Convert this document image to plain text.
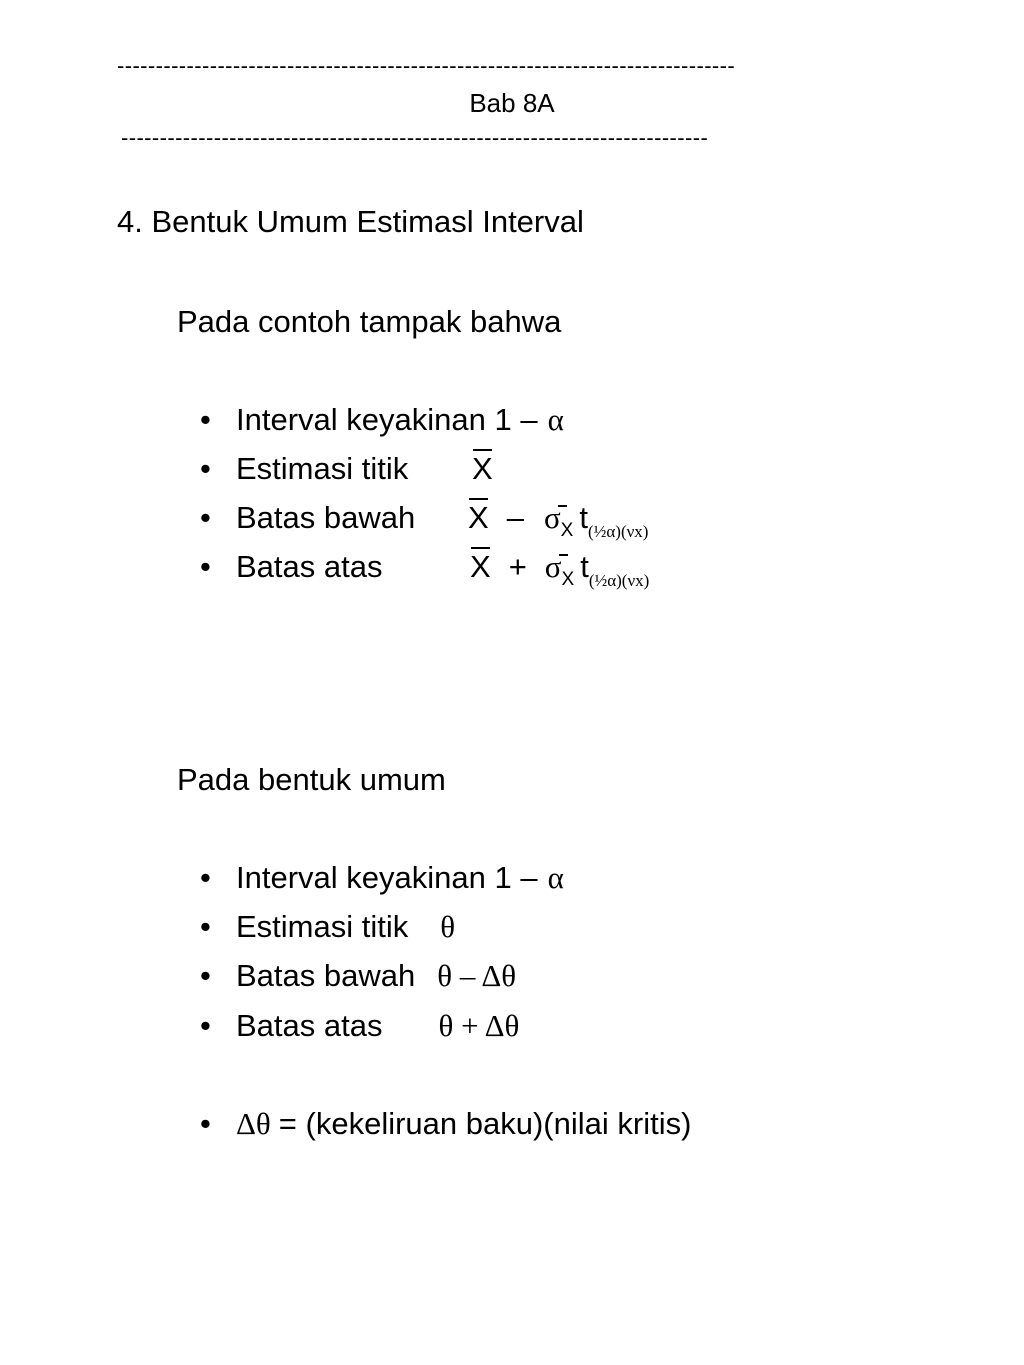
--------------------------------------------------------------------------------
Bab 8A
----------------------------------------------------------------------------
4. Bentuk Umum Estimasl Interval
Pada contoh tampak bahwa
• Interval keyakinan 1 – α
• Estimasi titik X
• Batas bawah X – $\sigma_X$ $t_{(\frac{1}{2}\alpha)(\nu x)}$
• Batas atas	$X + \sigma_X$ $t_{(\frac{1}{2}\alpha)(\nu x)}$
Pada bentuk umum
• Interval keyakinan 1 – α
• Estimasi titik θ
• Batas bawah θ – Δθ
• Batas atas θ + Δθ
• Δθ = (kekeliruan baku)(nilai kritis)
